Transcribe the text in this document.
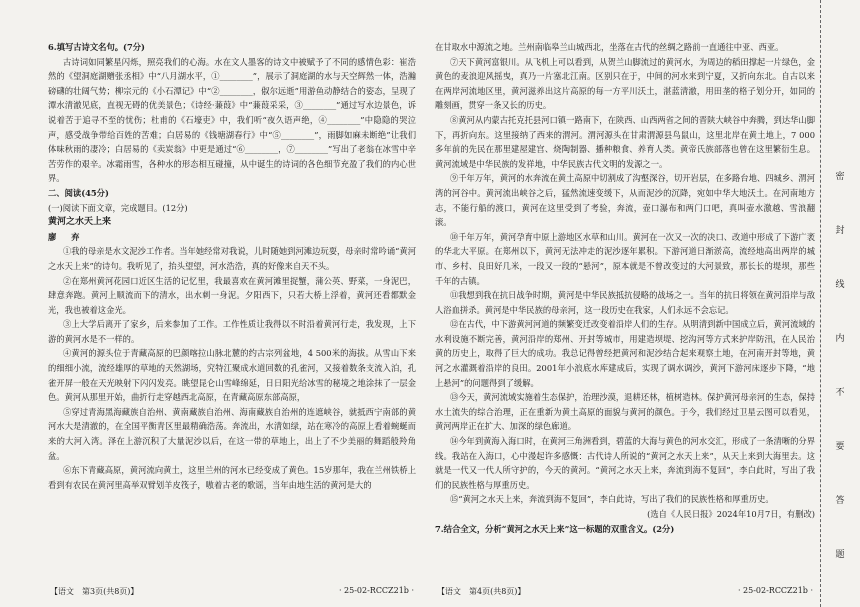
6.填写古诗文名句。(7分)

古诗词如同繁星闪烁，照亮我们的心海。水在文人墨客的诗文中被赋予了不同的感情色彩：崔浩然的《望洞庭湖赠张丞相》中“八月湖水平，①________”，展示了洞庭湖的水与天空辉然一体，浩瀚磅礴的壮阔气势；柳宗元的《小石潭记》中“②________，俶尔远逝”用游鱼动静结合的姿态，呈现了潭水清澈见底，直视无碍的优美景色；《诗经·蒹葭》中“蒹葭采采，③________”通过写水边景色，诉说着苦于追寻不至的忧伤；杜甫的《石壕吏》中，我们听“夜久语声绝，④________”中隐隐的哭泣声，感受战争带给百姓的苦难；白居易的《钱塘湖春行》中“⑤________”，雨脚如麻未断绝”让我们体味秋雨的凄冷；白居易的《卖炭翁》中更是通过“⑥________，⑦________”写出了老翁在冰雪中辛苦劳作的艰辛。冰霜雨雪，各种水的形态相互碰撞，从中诞生的诗词的各色细节充盈了我们的内心世界。

二、阅读(45分)

(一)阅读下面文章，完成题目。(12分)

黄河之水天上来

廖 弃

①我的母亲是水文泥沙工作者。当年她经常对我说，儿时随她到河滩边玩耍，母亲时常吟诵“黄河之水天上来”的诗句。我听见了，抬头望望，河水浩浩，真的好像来自天不头。

②在郑州黄河花园口近区生活的记忆里，我最喜欢在黄河滩里捉蟹，蒲公英、野菜，一身泥巴，肆意奔跑。黄河上顺流而下的清水，出水刺一身泥。夕阳西下，只若大桥上浮着，黄河还看都默金光，我也被着这金光。

③上大学后离开了家乡，后来参加了工作。工作性质让我得以不时沿着黄河行走，我发现，上下游的黄河水是不一样的。

④黄河的源头位于青藏高原的巴颜喀拉山脉北麓的约古宗列盆地，4 500米的海拔。从雪山下来的细细小流，流经雄厚的草地的天然湖场，究特江聚成水道回数的孔雀河，又接着数条支流入泊，孔雀开屏一般在天光映射下闪闪发亮。眺望昆仑山雪峰绵延，日日阳光给冰雪的秘境之地涂抹了一层金色。黄河从那里开始，曲折行走穿越西北高原，在青藏高原东部高原，

⑤穿过青海黑海藏族自治州、黄南藏族自治州、海南藏族自治州的连遮峡谷，就抵西宁南部的黄河水大是清澈的，在全国平衡青区里最精确浩荡。奔流出，水清如绿，站在寒冷的高原上看着蜿蜒而来的大河入湾。泽在上游沉积了大量泥沙以后，在这一带的草地上，出上了不少美丽的舞蹈般羚角盆。

⑥东下青藏高原，黄河流向黄土，这里兰州的河水已经变成了黄色。15岁那年，我在兰州铁桥上看到有农民在黄河里高举双臂划羊皮筏子，嗷着古老的歌谣，当年由地生活的黄河是大的

【语文　第3页(共8页)】	· 25-02-RCCZ21b ·

在甘取水中源流之地。兰州南临皋兰山城西北，坐落在古代的丝绸之路前一直通往中亚、西亚。

⑦天下黄河富银川。从飞机上可以看到，从贺兰山脚流过的黄河水，为周边的稻田撑起一片绿色，金黄色的麦浪迎风摇曳，真乃一片塞北江南。区别只在于，中间的河水来到宁夏，又折向东北。自古以来在两岸河流地区里，黄河滋养出这片高原的每一方平川沃土，湛蓝清澈，用田垄的格子划分开，如同的雕刻画，贯穿一条又长的历史。

⑧黄河从内蒙古托克托县河口镇一路南下，在陕西、山西两省之间的晋陕大峡谷中奔腾，到达华山脚下，再折向东。这里接纳了西来的渭河。渭河源头在甘肃渭源县鸟鼠山，这里北岸在黄土地上，7 000多年前的先民在那里建屋建宫、烧陶制器、播种粮食、养育人类。黄帝氏族部落也曾在这里繁衍生息。黄河流域是中华民族的发祥地，中华民族古代文明的发源之一。

⑨千年万年，黄河的水奔流在黄土高原中切割成了沟壑深谷，切开岩层，在多路台地、四城乡、渭河湾的河谷中。黄河流出峡谷之后，猛然流速变缓下，从而泥沙的沉降，宛如中华大地沃土。在河南地方志，不能行船的渡口，黄河在这里受到了考验，奔流，壶口瀑布和两门口吧，真叫壶水激越、雪浪翻滚。

⑩千年万年，黄河孕育中原上游地区水草和山川。黄河在一次又一次的决口、改道中形成了下游广袤的华北大平原。在郑州以下，黄河无法冲走的泥沙逐年累积。下游河道日渐淤高，流经地高出两岸的城市、乡村、良田好几米，一段又一段的“悬河”，原本就是不曾改变过的大河景致，那长长的堤坝，那些千年的古镇。

⑪我想到我在抗日战争时期，黄河是中华民族抵抗侵略的战场之一。当年的抗日将领在黄河沿岸与敌人浴血拼杀。黄河是中华民族的母亲河，这一段历史在我家，人们永远不会忘记。

⑫在古代，中下游黄河河道的频繁变迁改变着沿岸人们的生存。从明清到新中国成立后，黄河流域的水利设施不断完善，黄河沿岸的郑州、开封等城市，用建造坝堤、挖沟河等方式来护岸防汛，在人民治黄的历史上，取得了巨大的成功。我总记得曾经把黄河和泥沙结合起来观察土地，在河南开封等地，黄河之水灌溉着沿岸的良田。2001年小浪底水库建成后，实现了调水调沙，黄河下游河床逐步下降，“地上悬河”的问题得到了缓解。

⑬今天，黄河流域实施着生态保护，治理沙漠，退耕还林，植树造林。保护黄河母亲河的生态，保持水土流失的综合治理，正在重新为黄土高原的面貌与黄河的颜色。于今，我们经过卫星云图可以看见，黄河两岸正在扩大、加深的绿色廊道。

⑭今年到黄海入海口时，在黄河三角洲看到，碧蓝的大海与黄色的河水交汇，形成了一条清晰的分界线。我站在入海口，心中漫起许多感慨：古代诗人所说的“黄河之水天上来”，从天上来到大海里去。这就是一代又一代人所守护的，今天的黄河。“黄河之水天上来，奔流到海不复回”，李白此时，写出了我们的民族性格与厚重历史。

⑮“黄河之水天上来，奔流到海不复回”，李白此诗，写出了我们的民族性格和厚重历史。

(选自《人民日报》2024年10月7日，有删改)

7.结合全文，分析“黄河之水天上来”这一标题的双重含义。(2分)

【语文　第4页(共8页)】	· 25-02-RCCZ21b ·
密
封
线
内
不
要
答
题
